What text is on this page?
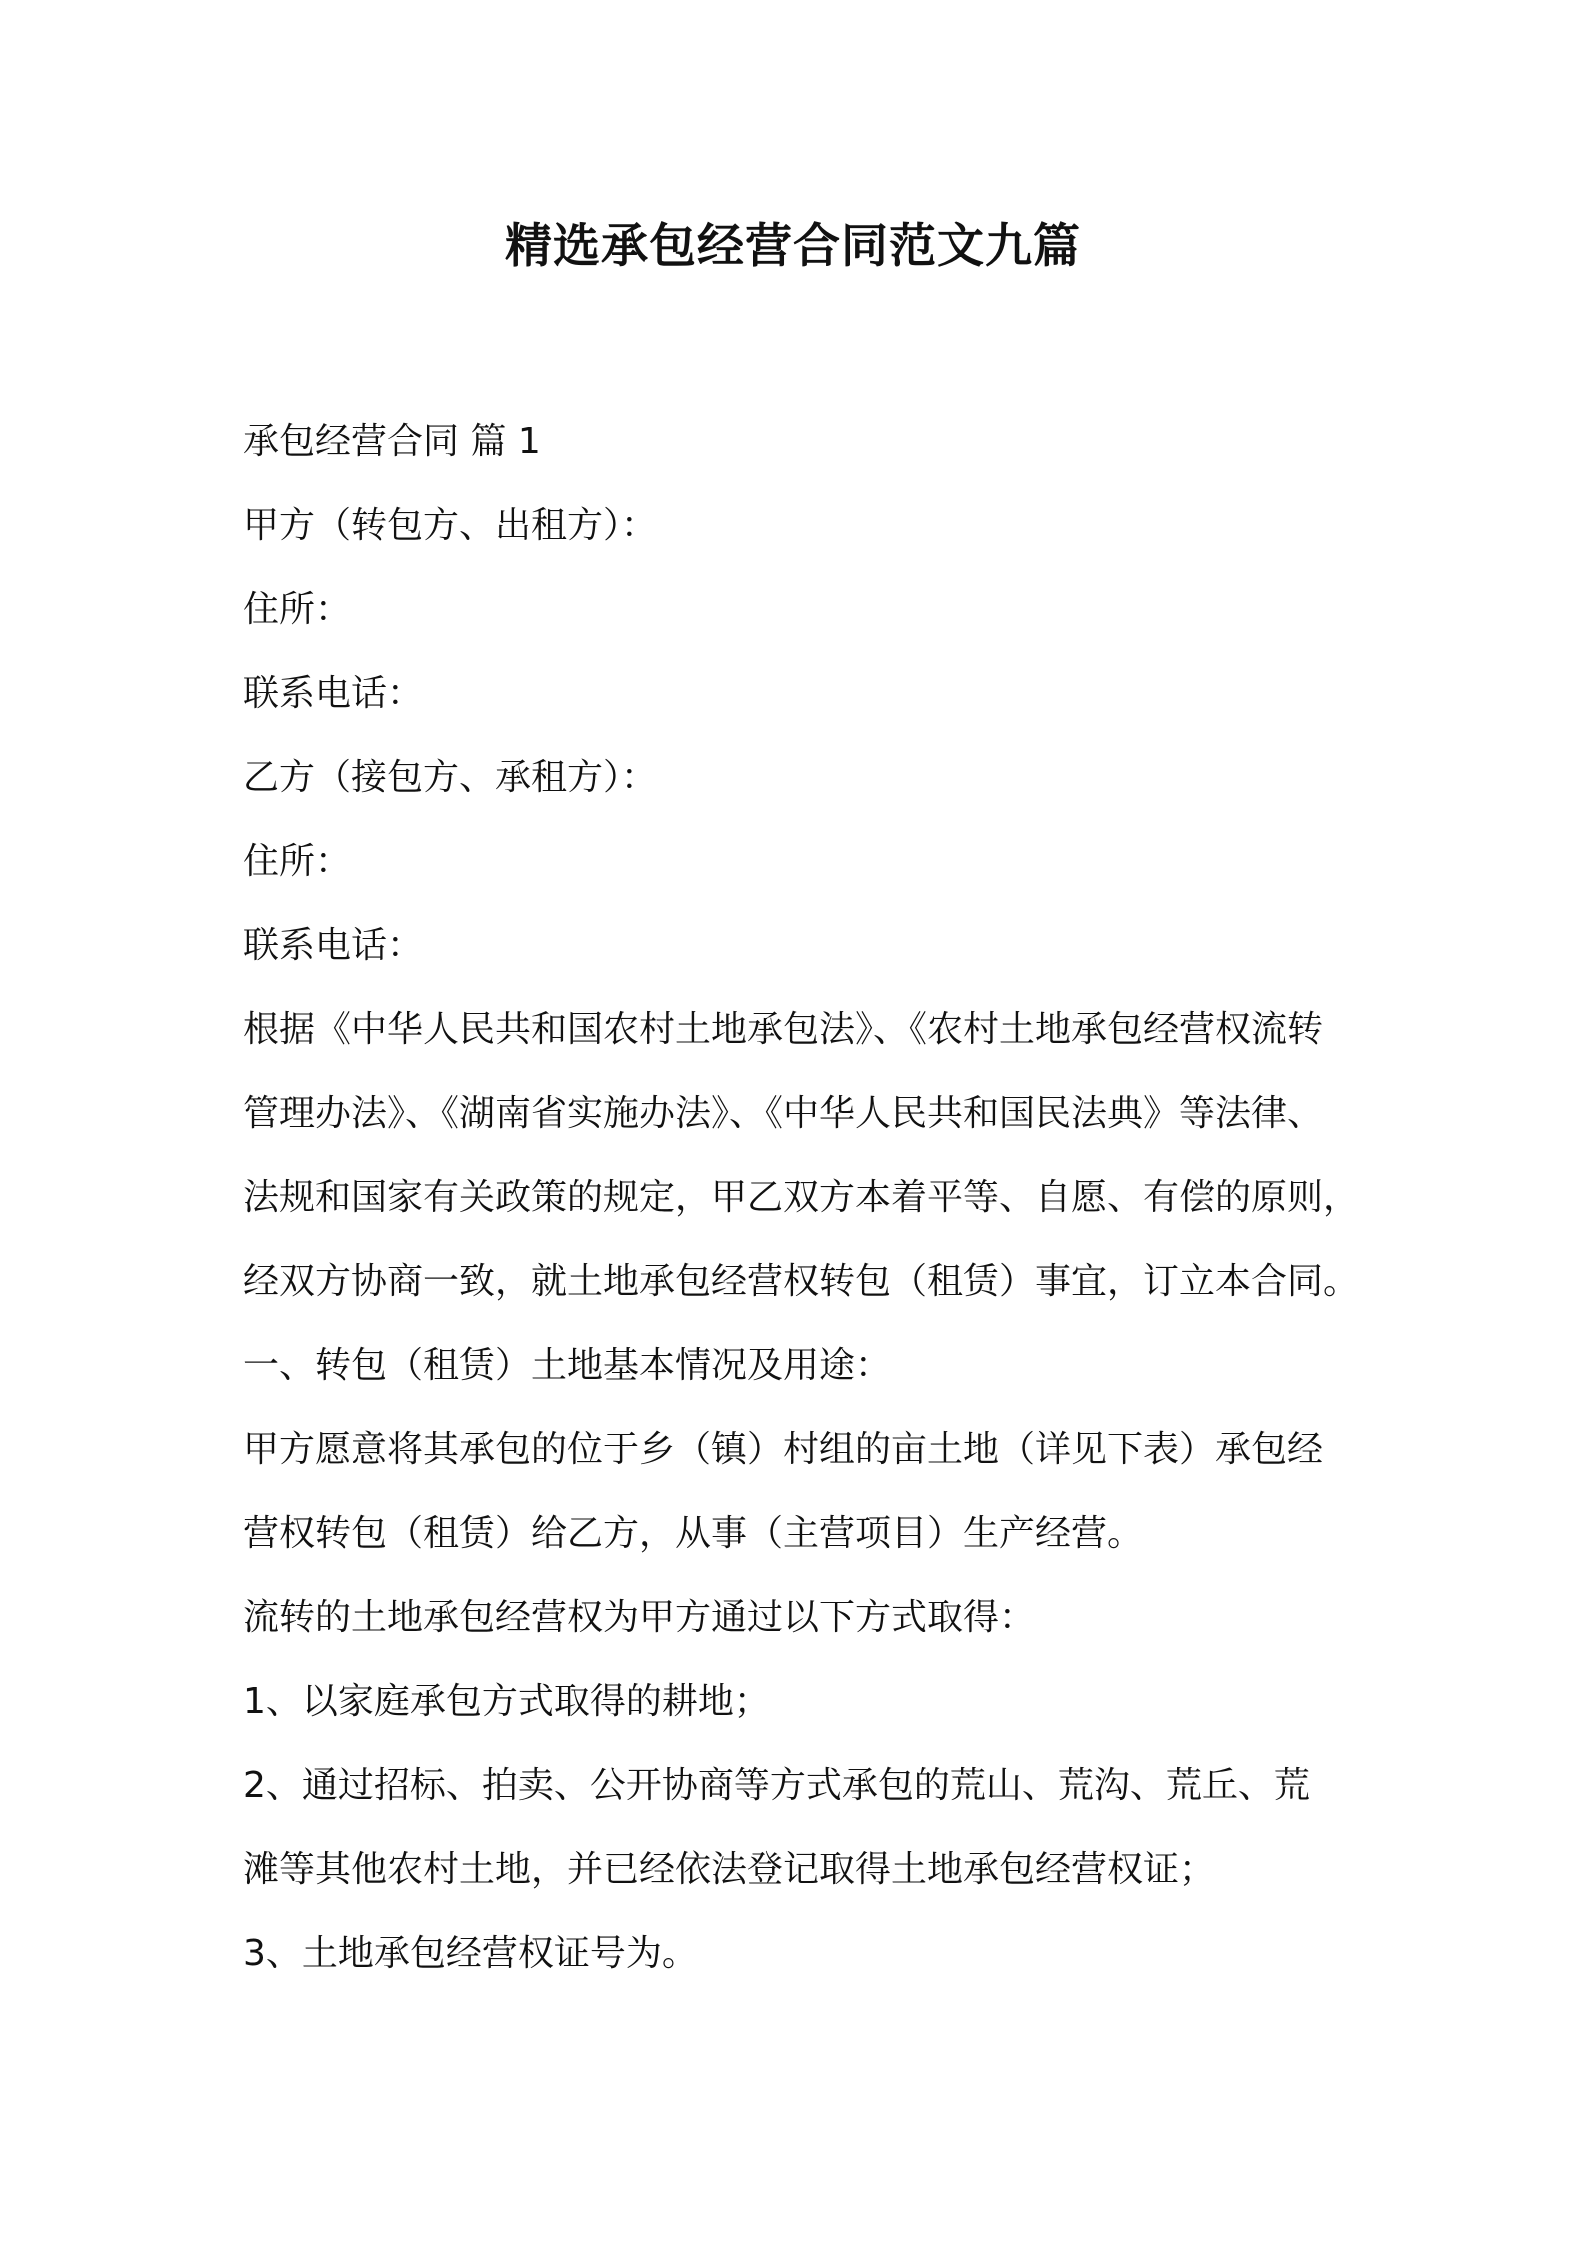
精选承包经营合同范文九篇

承包经营合同 篇 1

甲方（转包方、出租方）：

住所：

联系电话：

乙方（接包方、承租方）：

住所：

联系电话：

根据《中华人民共和国农村土地承包法》、《农村土地承包经营权流转

管理办法》、《湖南省实施办法》、《中华人民共和国民法典》等法律、

法规和国家有关政策的规定，甲乙双方本着平等、自愿、有偿的原则，

经双方协商一致，就土地承包经营权转包（租赁）事宜，订立本合同。

一、转包（租赁）土地基本情况及用途：

甲方愿意将其承包的位于乡（镇）村组的亩土地（详见下表）承包经

营权转包（租赁）给乙方，从事（主营项目）生产经营。

流转的土地承包经营权为甲方通过以下方式取得：

1、以家庭承包方式取得的耕地；

2、通过招标、拍卖、公开协商等方式承包的荒山、荒沟、荒丘、荒

滩等其他农村土地，并已经依法登记取得土地承包经营权证；

3、土地承包经营权证号为。
